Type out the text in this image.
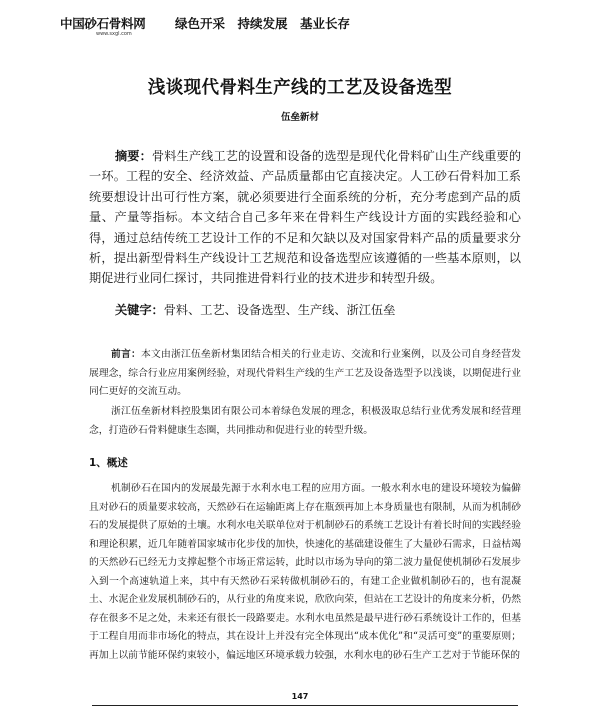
中国砂石骨料网
www.sxgl.com
绿色开采　持续发展　基业长存
浅谈现代骨料生产线的工艺及设备选型
伍垒新材

摘要：骨料生产线工艺的设置和设备的选型是现代化骨料矿山生产线重要的一环。工程的安全、经济效益、产品质量都由它直接决定。人工砂石骨料加工系统要想设计出可行性方案，就必须要进行全面系统的分析，充分考虑到产品的质量、产量等指标。本文结合自己多年来在骨料生产线设计方面的实践经验和心得，通过总结传统工艺设计工作的不足和欠缺以及对国家骨料产品的质量要求分析，提出新型骨料生产线设计工艺规范和设备选型应该遵循的一些基本原则，以期促进行业同仁探讨，共同推进骨料行业的技术进步和转型升级。

关键字：骨料、工艺、设备选型、生产线、浙江伍垒

前言：本文由浙江伍垒新材集团结合相关的行业走访、交流和行业案例，以及公司自身经营发展理念，综合行业应用案例经验，对现代骨料生产线的生产工艺及设备选型予以浅谈，以期促进行业同仁更好的交流互动。

浙江伍垒新材料控股集团有限公司本着绿色发展的理念，积极汲取总结行业优秀发展和经营理念，打造砂石骨料健康生态圈，共同推动和促进行业的转型升级。

1、概述

机制砂石在国内的发展最先源于水利水电工程的应用方面。一般水利水电的建设环境较为偏僻且对砂石的质量要求较高，天然砂石在运输距离上存在瓶颈再加上本身质量也有限制，从而为机制砂石的发展提供了原始的土壤。水利水电关联单位对于机制砂石的系统工艺设计有着长时间的实践经验和理论积累，近几年随着国家城市化步伐的加快，快速化的基础建设催生了大量砂石需求，日益枯竭的天然砂石已经无力支撑起整个市场正常运转，此时以市场为导向的第二波力量促使机制砂石发展步入到一个高速轨道上来，其中有天然砂石采转做机制砂石的，有建工企业做机制砂石的，也有混凝土、水泥企业发展机制砂石的，从行业的角度来说，欣欣向荣，但站在工艺设计的角度来分析，仍然存在很多不足之处，未来还有很长一段路要走。水利水电虽然是最早进行砂石系统设计工作的，但基于工程自用而非市场化的特点，其在设计上并没有完全体现出“成本优化”和“灵活可变”的重要原则；再加上以前节能环保约束较小，偏远地区环境承载力较强，水利水电的砂石生产工艺对于节能环保的

147
